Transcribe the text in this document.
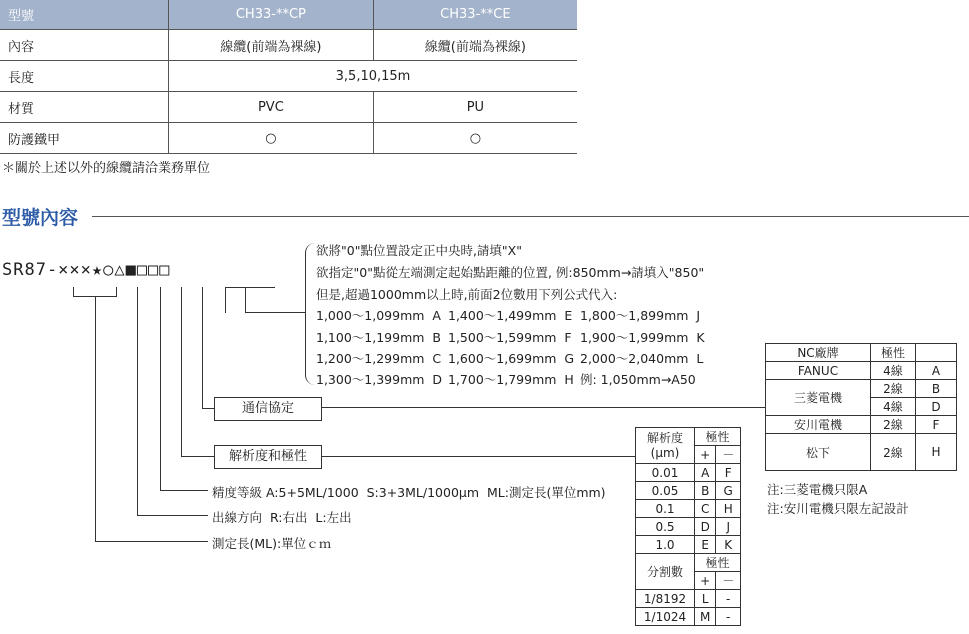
型號	CH33-**CP	CH33-**CE
內容	線纜(前端為裸線)	線纜(前端為裸線)
長度	3,5,10,15m	
材質	PVC	PU
防護鐵甲	○	○
＊關於上述以外的線纜請洽業務單位
型號內容
SR87-×××★○△■□□□
欲將"0"點位置設定正中央時,請填"X"
欲指定"0"點從左端測定起始點距離的位置, 例:850mm→請填入"850"
但是,超過1000mm以上時,前面2位數用下列公式代入:
1,000～1,099mm  A 1,400～1,499mm  E 1,800～1,899mm  J
1,100～1,199mm  B 1,500～1,599mm  F 1,900～1,999mm  K
1,200～1,299mm  C 1,600～1,699mm  G 2,000～2,040mm  L
1,300～1,399mm  D 1,700～1,799mm  H 例: 1,050mm→A50
通信協定
解析度和極性
精度等級 A:5+5ML/1000  S:3+3ML/1000μm  ML:測定長(單位mm)
出線方向  R:右出  L:左出
測定長(ML):單位ｃｍ
解析度
(μm)	極性	
	+	－
0.01	A	F
0.05	B	G
0.1	C	H
0.5	D	J
1.0	E	K
分割數	極性	
	+	－
1/8192	L	-
1/1024	M	-
NC廠牌	極性	
FANUC	4線	A
三菱電機	2線	B
	4線	D
安川電機	2線	F
松下	2線	H
注:三菱電機只限A
注:安川電機只限左記設計
